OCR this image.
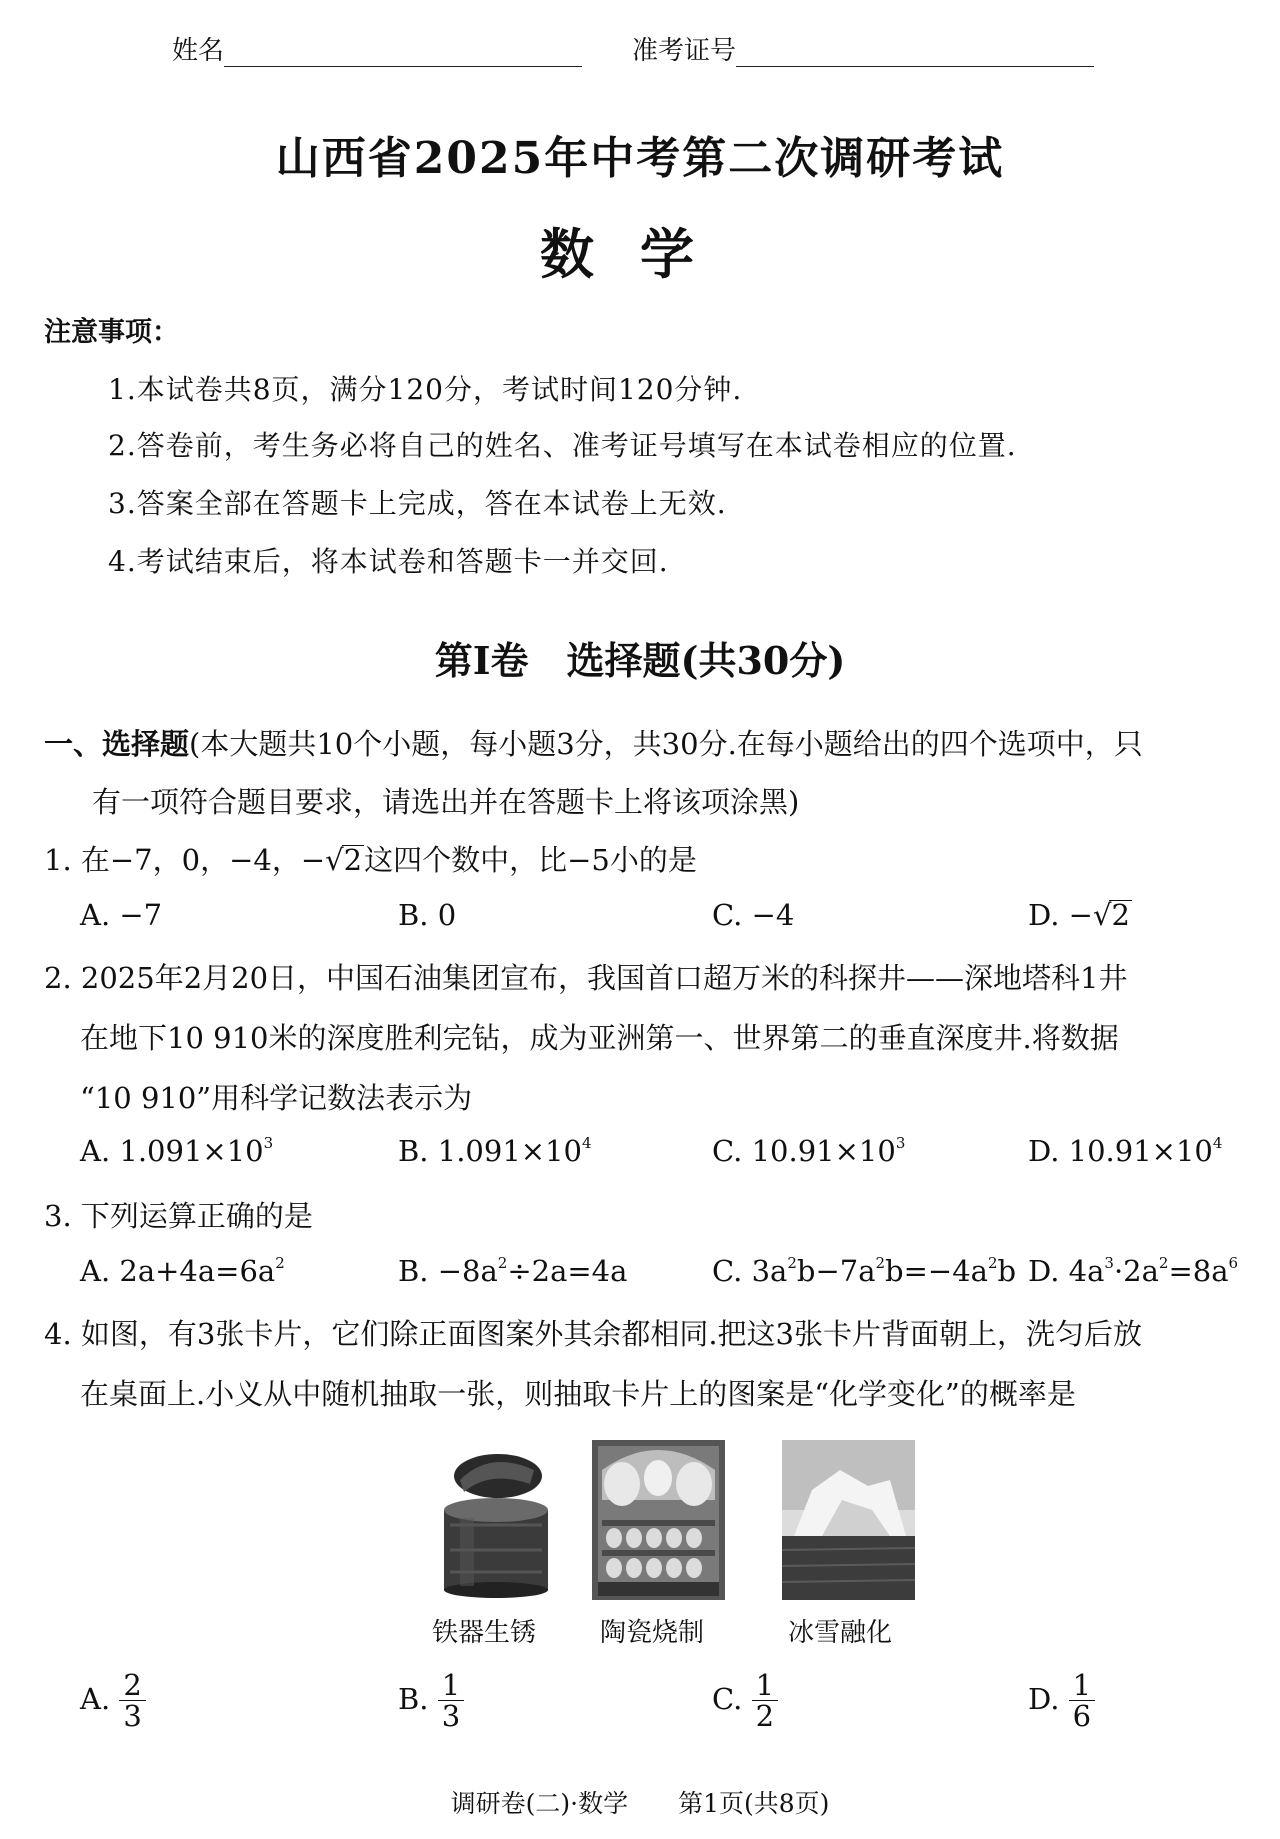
姓名	准考证号
山西省2025年中考第二次调研考试
数学
注意事项：
1.本试卷共8页，满分120分，考试时间120分钟.
2.答卷前，考生务必将自己的姓名、准考证号填写在本试卷相应的位置.
3.答案全部在答题卡上完成，答在本试卷上无效.
4.考试结束后，将本试卷和答题卡一并交回.
第Ⅰ卷　选择题(共30分)
一、选择题(本大题共10个小题，每小题3分，共30分.在每小题给出的四个选项中，只
有一项符合题目要求，请选出并在答题卡上将该项涂黑)
1. 在−7，0，−4，−√2这四个数中，比−5小的是
A. −7	B. 0	C. −4	D. −√2
2. 2025年2月20日，中国石油集团宣布，我国首口超万米的科探井——深地塔科1井
在地下10 910米的深度胜利完钻，成为亚洲第一、世界第二的垂直深度井.将数据
“10 910”用科学记数法表示为
A. $1.091\times 10^3$	B. $1.091\times 10^4$	C. $10.91\times 10^3$	D. $10.91\times 10^4$
3. 下列运算正确的是
A. $2a+4a=6a^2$	B. $-8a^2\div 2a=4a$	C. $3a^2b-7a^2b=-4a^2b$ D. $4a^3\cdot 2a^2=8a^6$
4. 如图，有3张卡片，它们除正面图案外其余都相同.把这3张卡片背面朝上，洗匀后放
在桌面上.小义从中随机抽取一张，则抽取卡片上的图案是“化学变化”的概率是
铁器生锈 陶瓷烧制	冰雪融化
A. $\frac{2}{3}$	B. $\frac{1}{3}$	C. $\frac{1}{2}$	D. $\frac{1}{6}$
调研卷(二)·数学　　第1页(共8页)
